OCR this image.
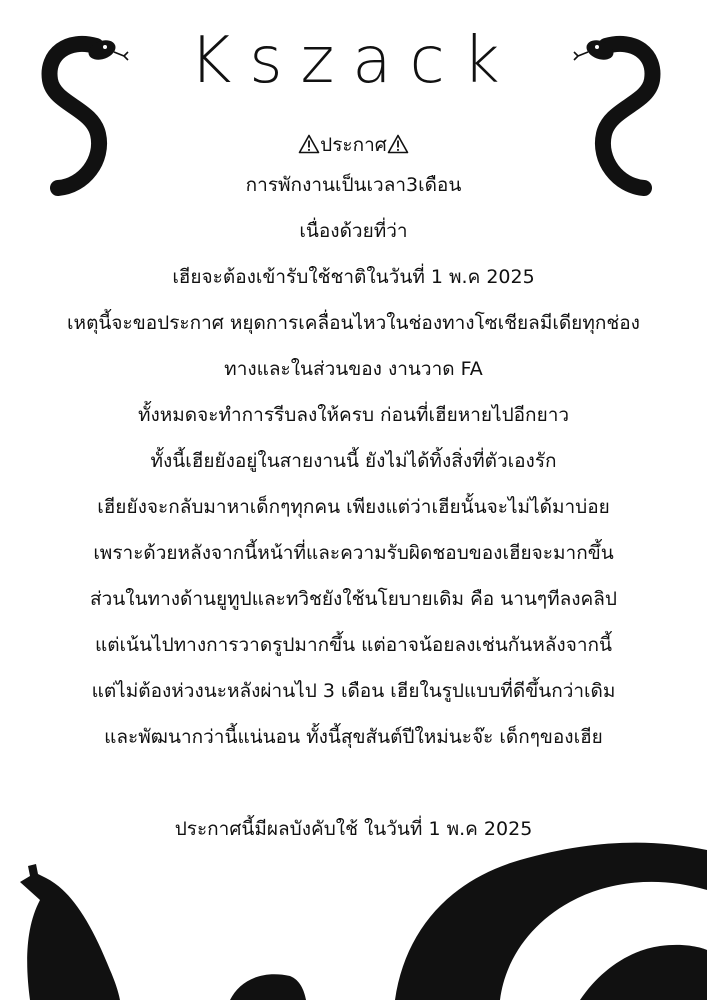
Kszack
ประกาศ
การพักงานเป็นเวลา3เดือน
เนื่องด้วยที่ว่า
เฮียจะต้องเข้ารับใช้ชาติในวันที่ 1 พ.ค 2025
เหตุนี้จะขอประกาศ หยุดการเคลื่อนไหวในช่องทางโซเชียลมีเดียทุกช่อง
ทางและในส่วนของ งานวาด FA
ทั้งหมดจะทำการรีบลงให้ครบ ก่อนที่เฮียหายไปอีกยาว
ทั้งนี้เฮียยังอยู่ในสายงานนี้ ยังไม่ได้ทิ้งสิ่งที่ตัวเองรัก
เฮียยังจะกลับมาหาเด็กๆทุกคน เพียงแต่ว่าเฮียนั้นจะไม่ได้มาบ่อย
เพราะด้วยหลังจากนี้หน้าที่และความรับผิดชอบของเฮียจะมากขึ้น
ส่วนในทางด้านยูทูปและทวิชยังใช้นโยบายเดิม คือ นานๆทีลงคลิป
แต่เน้นไปทางการวาดรูปมากขึ้น แต่อาจน้อยลงเช่นกันหลังจากนี้
แต่ไม่ต้องห่วงนะหลังผ่านไป 3 เดือน เฮียในรูปแบบที่ดีขึ้นกว่าเดิม
และพัฒนากว่านี้แน่นอน ทั้งนี้สุขสันต์ปีใหม่นะจ๊ะ เด็กๆของเฮีย
ประกาศนี้มีผลบังคับใช้ ในวันที่ 1 พ.ค 2025
